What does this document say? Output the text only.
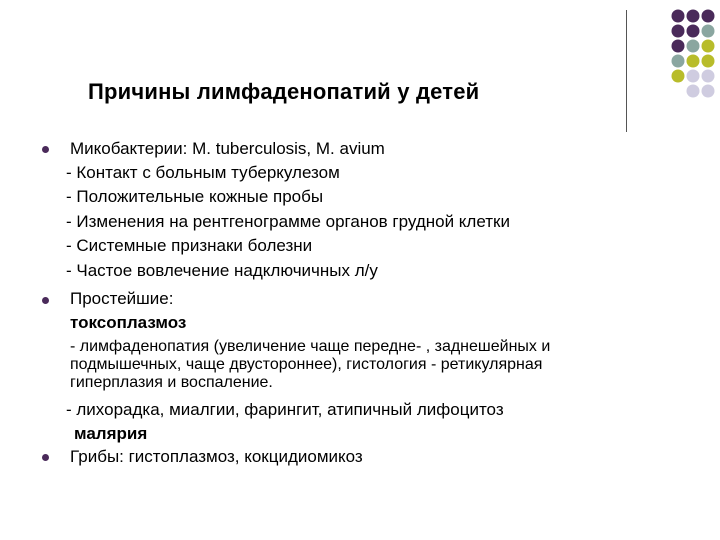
Причины лимфаденопатий у детей
Микобактерии: M. tuberculosis, M. avium
- Контакт с больным туберкулезом
- Положительные кожные пробы
- Изменения на рентгенограмме органов грудной клетки
- Системные признаки болезни
- Частое вовлечение надключичных л/у
Простейшие:
токсоплазмоз
- лимфаденопатия (увеличение чаще передне- , заднешейных и
подмышечных, чаще двустороннее), гистология - ретикулярная
гиперплазия и воспаление.
- лихорадка, миалгии, фарингит, атипичный лифоцитоз
малярия
Грибы: гистоплазмоз, кокцидиомикоз
